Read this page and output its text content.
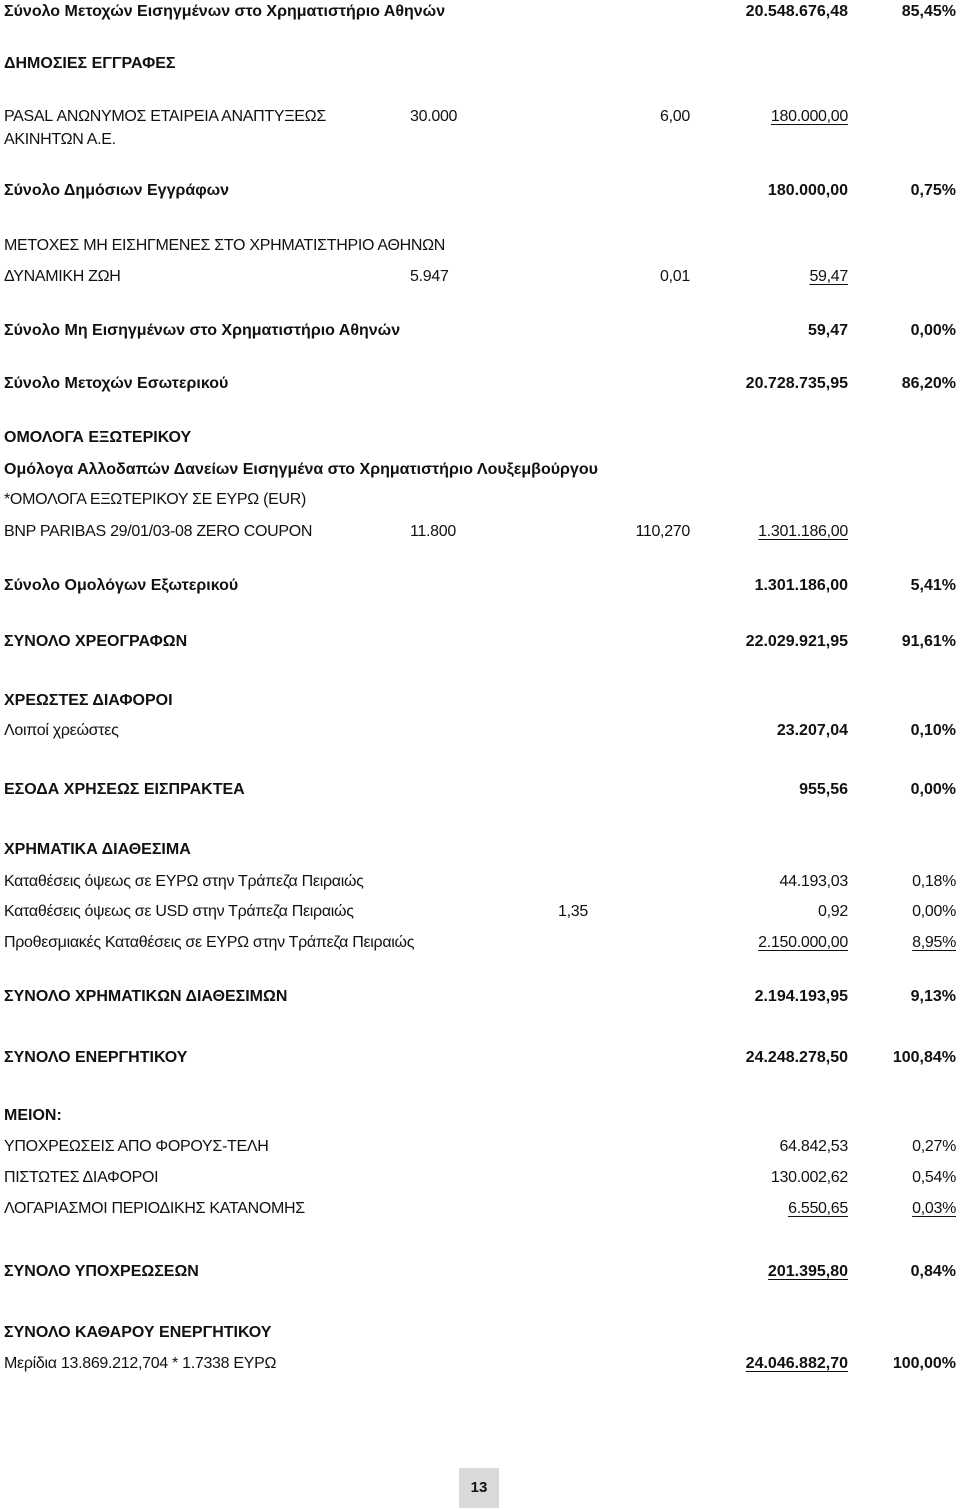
Σύνολο Μετοχών Εισηγμένων στο Χρηματιστήριο Αθηνών	20.548.676,48	85,45%
ΔΗΜΟΣΙΕΣ ΕΓΓΡΑΦΕΣ
PASAL ΑΝΩΝΥΜΟΣ ΕΤΑΙΡΕΙΑ ΑΝΑΠΤΥΞΕΩΣ
ΑΚΙΝΗΤΩΝ Α.Ε.
30.000	6,00	180.000,00
Σύνολο Δημόσιων Εγγράφων	180.000,00	0,75%
ΜΕΤΟΧΕΣ ΜΗ ΕΙΣΗΓΜΕΝΕΣ ΣΤΟ ΧΡΗΜΑΤΙΣΤΗΡΙΟ ΑΘΗΝΩΝ
ΔΥΝΑΜΙΚΗ ΖΩΗ	5.947	0,01	59,47
Σύνολο Μη Εισηγμένων στο Χρηματιστήριο Αθηνών	59,47	0,00%
Σύνολο Μετοχών Εσωτερικού	20.728.735,95	86,20%
ΟΜΟΛΟΓΑ ΕΞΩΤΕΡΙΚΟΥ
Ομόλογα Αλλοδαπών Δανείων Εισηγμένα στο Χρηματιστήριο Λουξεμβούργου
*ΟΜΟΛΟΓΑ ΕΞΩΤΕΡΙΚΟΥ ΣΕ ΕΥΡΩ (EUR)
BNP PARIBAS 29/01/03-08 ZERO COUPON	11.800	110,270	1.301.186,00
Σύνολο Ομολόγων Εξωτερικού	1.301.186,00	5,41%
ΣΥΝΟΛΟ ΧΡΕΟΓΡΑΦΩΝ	22.029.921,95	91,61%
ΧΡΕΩΣΤΕΣ ΔΙΑΦΟΡΟΙ
Λοιποί χρεώστες	23.207,04	0,10%
ΕΣΟΔΑ ΧΡΗΣΕΩΣ ΕΙΣΠΡΑΚΤΕΑ	955,56	0,00%
ΧΡΗΜΑΤΙΚΑ ΔΙΑΘΕΣΙΜΑ
Καταθέσεις όψεως σε ΕΥΡΩ στην Τράπεζα Πειραιώς	44.193,03	0,18%
Καταθέσεις όψεως σε USD στην Τράπεζα Πειραιώς	1,35	0,92	0,00%
Προθεσμιακές Καταθέσεις σε ΕΥΡΩ στην Τράπεζα Πειραιώς	2.150.000,00	8,95%
ΣΥΝΟΛΟ ΧΡΗΜΑΤΙΚΩΝ ΔΙΑΘΕΣΙΜΩΝ	2.194.193,95	9,13%
ΣΥΝΟΛΟ ΕΝΕΡΓΗΤΙΚΟΥ	24.248.278,50	100,84%
ΜΕΙΟΝ:
ΥΠΟΧΡΕΩΣΕΙΣ ΑΠΟ ΦΟΡΟΥΣ-ΤΕΛΗ	64.842,53	0,27%
ΠΙΣΤΩΤΕΣ ΔΙΑΦΟΡΟΙ	130.002,62	0,54%
ΛΟΓΑΡΙΑΣΜΟΙ ΠΕΡΙΟΔΙΚΗΣ ΚΑΤΑΝΟΜΗΣ	6.550,65	0,03%
ΣΥΝΟΛΟ ΥΠΟΧΡΕΩΣΕΩΝ	201.395,80	0,84%
ΣΥΝΟΛΟ ΚΑΘΑΡΟΥ ΕΝΕΡΓΗΤΙΚΟΥ
Μερίδια 13.869.212,704 * 1.7338 ΕΥΡΩ	24.046.882,70	100,00%
13
